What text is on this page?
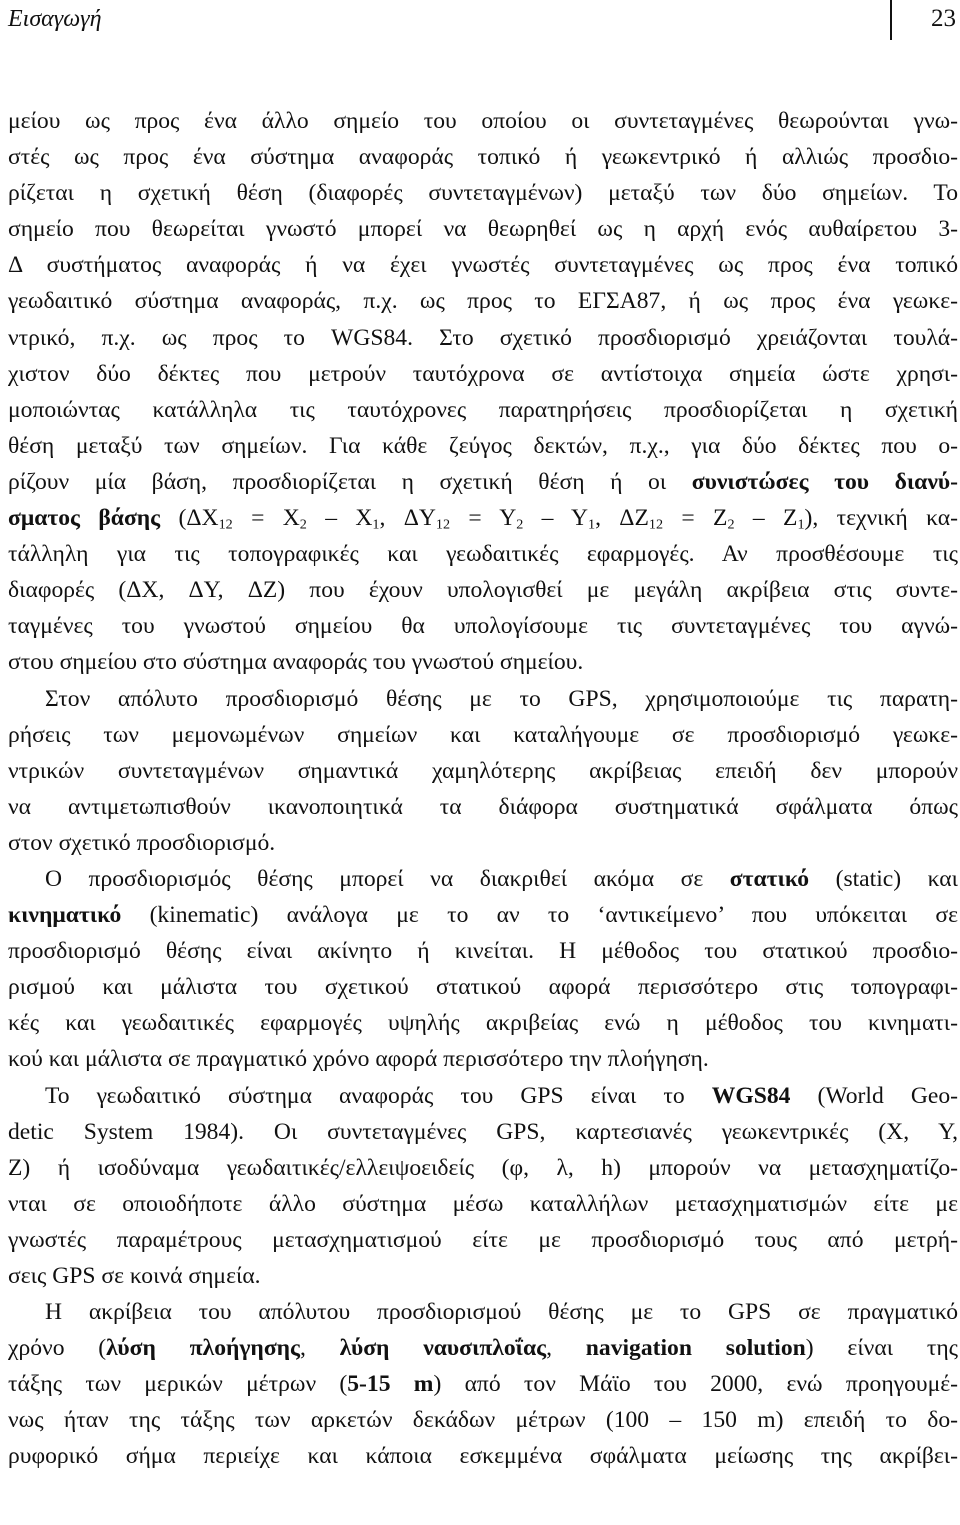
Εισαγωγή	23
μείου ως προς ένα άλλο σημείο του οποίου οι συντεταγμένες θεωρούνται γνω-
στές ως προς ένα σύστημα αναφοράς τοπικό ή γεωκεντρικό ή αλλιώς προσδιο-
ρίζεται η σχετική θέση (διαφορές συντεταγμένων) μεταξύ των δύο σημείων. Το
σημείο που θεωρείται γνωστό μπορεί να θεωρηθεί ως η αρχή ενός αυθαίρετου 3-
Δ συστήματος αναφοράς ή να έχει γνωστές συντεταγμένες ως προς ένα τοπικό
γεωδαιτικό σύστημα αναφοράς, π.χ. ως προς το ΕΓΣΑ87, ή ως προς ένα γεωκε-
ντρικό, π.χ. ως προς το WGS84. Στο σχετικό προσδιορισμό χρειάζονται τουλά-
χιστον δύο δέκτες που μετρούν ταυτόχρονα σε αντίστοιχα σημεία ώστε χρησι-
μοποιώντας κατάλληλα τις ταυτόχρονες παρατηρήσεις προσδιορίζεται η σχετική
θέση μεταξύ των σημείων. Για κάθε ζεύγος δεκτών, π.χ., για δύο δέκτες που ο-
ρίζουν μία βάση, προσδιορίζεται η σχετική θέση ή οι συνιστώσες του διανύ-
σματος βάσης ($\Delta X_{12} = X_2 - X_1$, $\Delta Y_{12} = Y_2 - Y_1$, $\Delta Z_{12} = Z_2 - Z_1$), τεχνική κα-
τάλληλη για τις τοπογραφικές και γεωδαιτικές εφαρμογές. Αν προσθέσουμε τις
διαφορές (ΔX, ΔY, ΔZ) που έχουν υπολογισθεί με μεγάλη ακρίβεια στις συντε-
ταγμένες του γνωστού σημείου θα υπολογίσουμε τις συντεταγμένες του αγνώ-
στου σημείου στο σύστημα αναφοράς του γνωστού σημείου.
Στον απόλυτο προσδιορισμό θέσης με το GPS, χρησιμοποιούμε τις παρατη-
ρήσεις των μεμονωμένων σημείων και καταλήγουμε σε προσδιορισμό γεωκε-
ντρικών συντεταγμένων σημαντικά χαμηλότερης ακρίβειας επειδή δεν μπορούν
να αντιμετωπισθούν ικανοποιητικά τα διάφορα συστηματικά σφάλματα όπως
στον σχετικό προσδιορισμό.
Ο προσδιορισμός θέσης μπορεί να διακριθεί ακόμα σε στατικό (static) και
κινηματικό (kinematic) ανάλογα με το αν το ‘αντικείμενο’ που υπόκειται σε
προσδιορισμό θέσης είναι ακίνητο ή κινείται. Η μέθοδος του στατικού προσδιο-
ρισμού και μάλιστα του σχετικού στατικού αφορά περισσότερο στις τοπογραφι-
κές και γεωδαιτικές εφαρμογές υψηλής ακριβείας ενώ η μέθοδος του κινηματι-
κού και μάλιστα σε πραγματικό χρόνο αφορά περισσότερο την πλοήγηση.
Το γεωδαιτικό σύστημα αναφοράς του GPS είναι το WGS84 (World Geo-
detic System 1984). Οι συντεταγμένες GPS, καρτεσιανές γεωκεντρικές (X, Y,
Z) ή ισοδύναμα γεωδαιτικές/ελλειψοειδείς (φ, λ, h) μπορούν να μετασχηματίζο-
νται σε οποιοδήποτε άλλο σύστημα μέσω καταλλήλων μετασχηματισμών είτε με
γνωστές παραμέτρους μετασχηματισμού είτε με προσδιορισμό τους από μετρή-
σεις GPS σε κοινά σημεία.
Η ακρίβεια του απόλυτου προσδιορισμού θέσης με το GPS σε πραγματικό
χρόνο (λύση πλοήγησης, λύση ναυσιπλοΐας, navigation solution) είναι της
τάξης των μερικών μέτρων (5-15 m) από τον Μάϊο του 2000, ενώ προηγουμέ-
νως ήταν της τάξης των αρκετών δεκάδων μέτρων (100 – 150 m) επειδή το δο-
ρυφορικό σήμα περιείχε και κάποια εσκεμμένα σφάλματα μείωσης της ακρίβει-
